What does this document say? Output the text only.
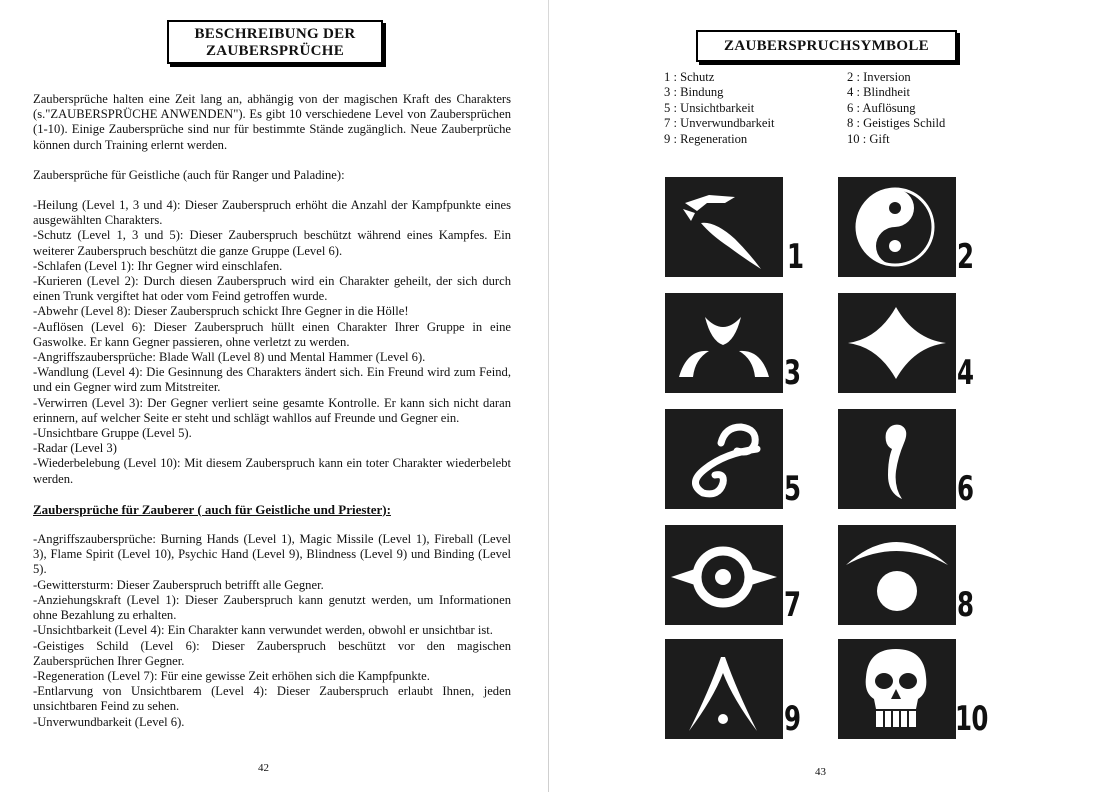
BESCHREIBUNG DER
ZAUBERSPRÜCHE

Zaubersprüche halten eine Zeit lang an, abhängig von der magischen Kraft des Charakters (s."ZAUBERSPRÜCHE ANWENDEN"). Es gibt 10 verschiedene Level von Zaubersprüchen (1-10). Einige Zaubersprüche sind nur für bestimmte Stände zugänglich. Neue Zauberprüche können durch Training erlernt werden.

Zaubersprüche für Geistliche (auch für Ranger und Paladine):

-Heilung (Level 1, 3 und 4): Dieser Zauberspruch erhöht die Anzahl der Kampfpunkte eines ausgewählten Charakters.

-Schutz (Level 1, 3 und 5): Dieser Zauberspruch beschützt während eines Kampfes. Ein weiterer Zauberspruch beschützt die ganze Gruppe (Level 6).

-Schlafen (Level 1): Ihr Gegner wird einschlafen.

-Kurieren (Level 2): Durch diesen Zauberspruch wird ein Charakter geheilt, der sich durch einen Trunk vergiftet hat oder vom Feind getroffen wurde.

-Abwehr (Level 8): Dieser Zauberspruch schickt Ihre Gegner in die Hölle!

-Auflösen (Level 6): Dieser Zauberspruch hüllt einen Charakter Ihrer Gruppe in eine Gaswolke. Er kann Gegner passieren, ohne verletzt zu werden.

-Angriffszaubersprüche: Blade Wall (Level 8) und Mental Hammer (Level 6).

-Wandlung (Level 4): Die Gesinnung des Charakters ändert sich. Ein Freund wird zum Feind, und ein Gegner wird zum Mitstreiter.

-Verwirren (Level 3): Der Gegner verliert seine gesamte Kontrolle. Er kann sich nicht daran erinnern, auf welcher Seite er steht und schlägt wahllos auf Freunde und Gegner ein.

-Unsichtbare Gruppe (Level 5).

-Radar (Level 3)

-Wiederbelebung (Level 10): Mit diesem Zauberspruch kann ein toter Charakter wiederbelebt werden.

Zaubersprüche für Zauberer ( auch für Geistliche und Priester):

-Angriffszaubersprüche: Burning Hands (Level 1), Magic Missile (Level 1), Fireball (Level 3), Flame Spirit (Level 10), Psychic Hand (Level 9), Blindness (Level 9) und Binding (Level 5).

-Gewittersturm: Dieser Zauberspruch betrifft alle Gegner.

-Anziehungskraft (Level 1): Dieser Zauberspruch kann genutzt werden, um Informationen ohne Bezahlung zu erhalten.

-Unsichtbarkeit (Level 4): Ein Charakter kann verwundet werden, obwohl er unsichtbar ist.

-Geistiges Schild (Level 6): Dieser Zauberspruch beschützt vor den magischen Zaubersprüchen Ihrer Gegner.

-Regeneration (Level 7): Für eine gewisse Zeit erhöhen sich die Kampfpunkte.

-Entlarvung von Unsichtbarem (Level 4): Dieser Zauberspruch erlaubt Ihnen, jeden unsichtbaren Feind zu sehen.

-Unverwundbarkeit (Level 6).

42
ZAUBERSPRUCHSYMBOLE
1 : Schutz	2 : Inversion
3 : Bindung	4 : Blindheit
5 : Unsichtbarkeit	6 : Auflösung
7 : Unverwundbarkeit	8 : Geistiges Schild
9 : Regeneration	10 : Gift
1	2
3	4
5	6
7	8
9	10
43
